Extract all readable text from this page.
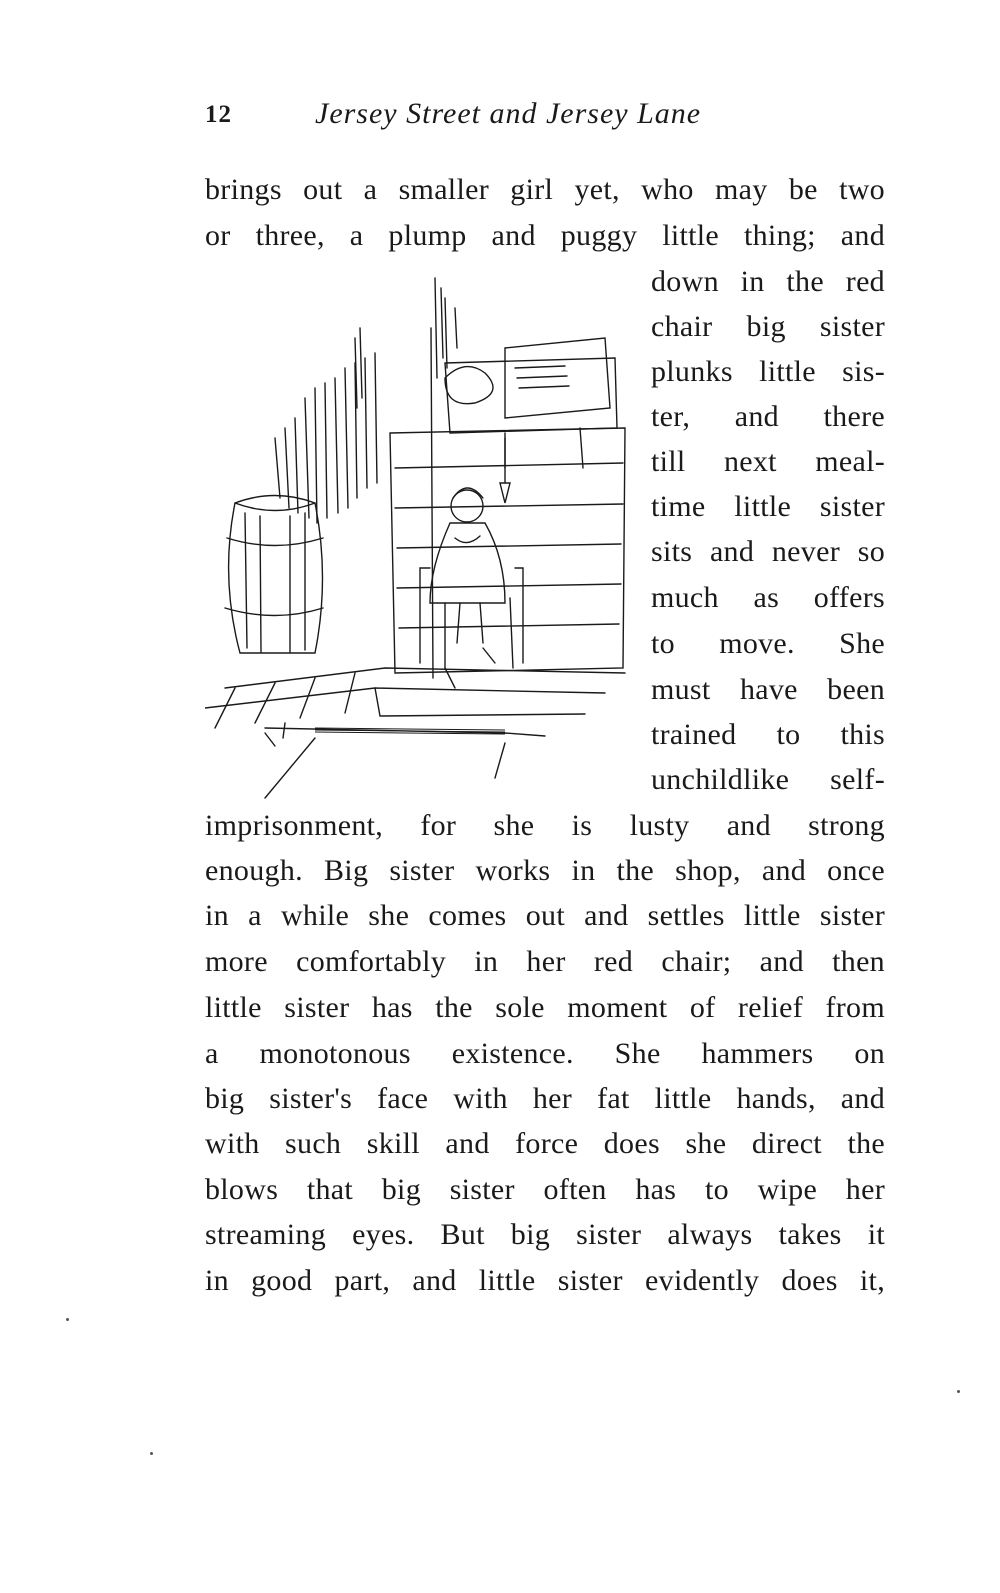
12	Jersey Street and Jersey Lane
brings out a smaller girl yet, who may be two
or three, a plump and puggy little thing; and
down in the red
chair big sister
plunks little sis-
ter, and there
till next meal-
time little sister
sits and never so
much as offers
to move. She
must have been
trained to this
unchildlike self-
imprisonment, for she is lusty and strong
enough. Big sister works in the shop, and once
in a while she comes out and settles little sister
more comfortably in her red chair; and then
little sister has the sole moment of relief from
a monotonous existence. She hammers on
big sister's face with her fat little hands, and
with such skill and force does she direct the
blows that big sister often has to wipe her
streaming eyes. But big sister always takes it
in good part, and little sister evidently does it,
